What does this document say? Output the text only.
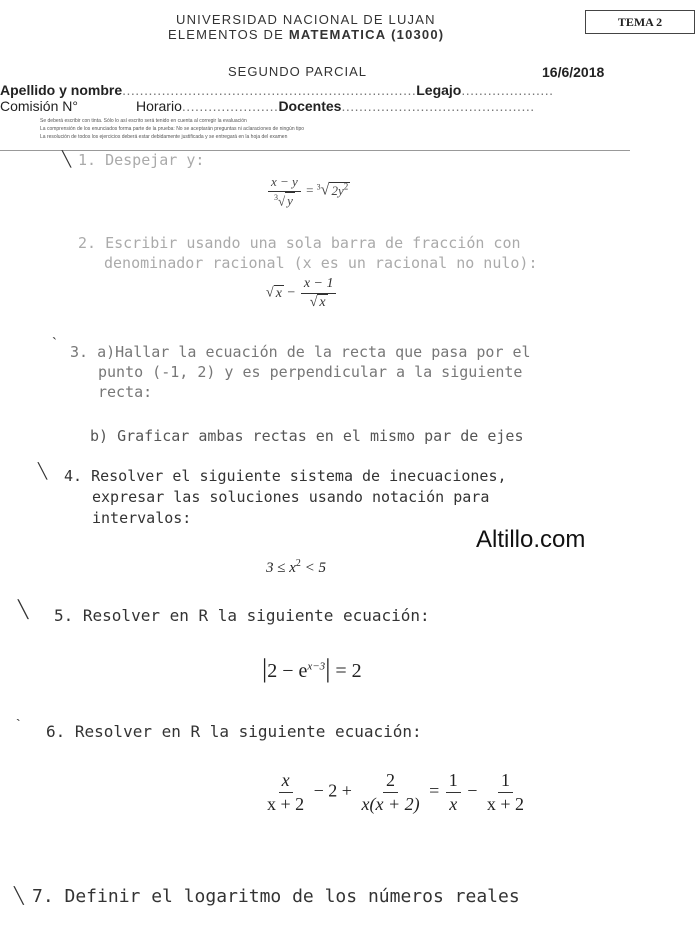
UNIVERSIDAD NACIONAL DE LUJAN
ELEMENTOS DE MATEMATICA (10300)
TEMA 2
SEGUNDO PARCIAL	16/6/2018
Apellido y nombre...................................................................Legajo.....................
Comisión N°	Horario......................Docentes............................................
Se deberá escribir con tinta. Sólo lo así escrito será tenido en cuenta al corregir la evaluación
La comprensión de los enunciados forma parte de la prueba: No se aceptarán preguntas ni aclaraciones de ningún tipo
La resolución de todos los ejercicios deberá estar debidamente justificada y se entregará en la hoja del examen
╲ 1. Despejar y:
$\frac{x - y}{^3√ y} = ^3√$ $2y^2$
2. Escribir usando una sola barra de fracción con
denominador racional (x es un racional no nulo):
√ $x - \frac{x - 1}{√ x}$
` 3. a)Hallar la ecuación de la recta que pasa por el
punto (-1, 2) y es perpendicular a la siguiente
recta:
b) Graficar ambas rectas en el mismo par de ejes
╲ 4. Resolver el siguiente sistema de inecuaciones,
expresar las soluciones usando notación para
intervalos:
$3 \le x^2 < 5$
Altillo.com
╲ 5. Resolver en R la siguiente ecuación:
$|2 - e^{x-3}| = 2$
` 6. Resolver en R la siguiente ecuación:
$\frac{x}{x + 2} - 2 + \frac{2}{x(x + 2)} = \frac{1}{x} - \frac{1}{x + 2}$
╲ 7. Definir el logaritmo de los números reales
